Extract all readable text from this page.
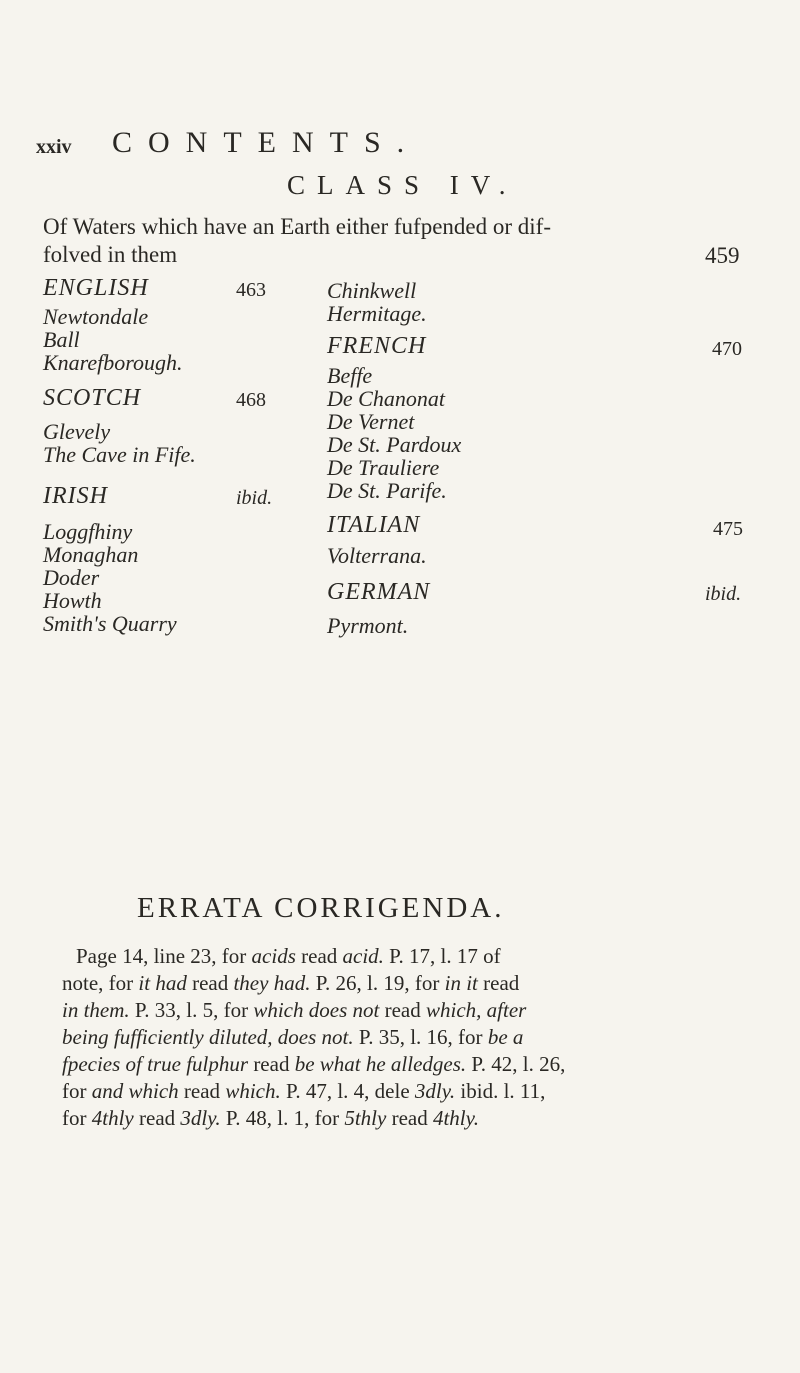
xxiv CONTENTS.
CLASS IV.
Of Waters which have an Earth either fufpended or dif-
folved in them	459
ENGLISH	463
Newtondale
Ball
Knarefborough.
SCOTCH	468
Glevely
The Cave in Fife.
IRISH	ibid.
Loggfhiny
Monaghan
Doder
Howth
Smith's Quarry
Chinkwell
Hermitage.
FRENCH	470
Beffe
De Chanonat
De Vernet
De St. Pardoux
De Trauliere
De St. Parife.
ITALIAN	475
Volterrana.
GERMAN	ibid.
Pyrmont.
ERRATA CORRIGENDA.

Page 14, line 23, for acids read acid. P. 17, l. 17 of

note, for it had read they had. P. 26, l. 19, for in it read

in them. P. 33, l. 5, for which does not read which, after

being fufficiently diluted, does not. P. 35, l. 16, for be a

fpecies of true fulphur read be what he alledges. P. 42, l. 26,

for and which read which. P. 47, l. 4, dele 3dly. ibid. l. 11,

for 4thly read 3dly. P. 48, l. 1, for 5thly read 4thly.
